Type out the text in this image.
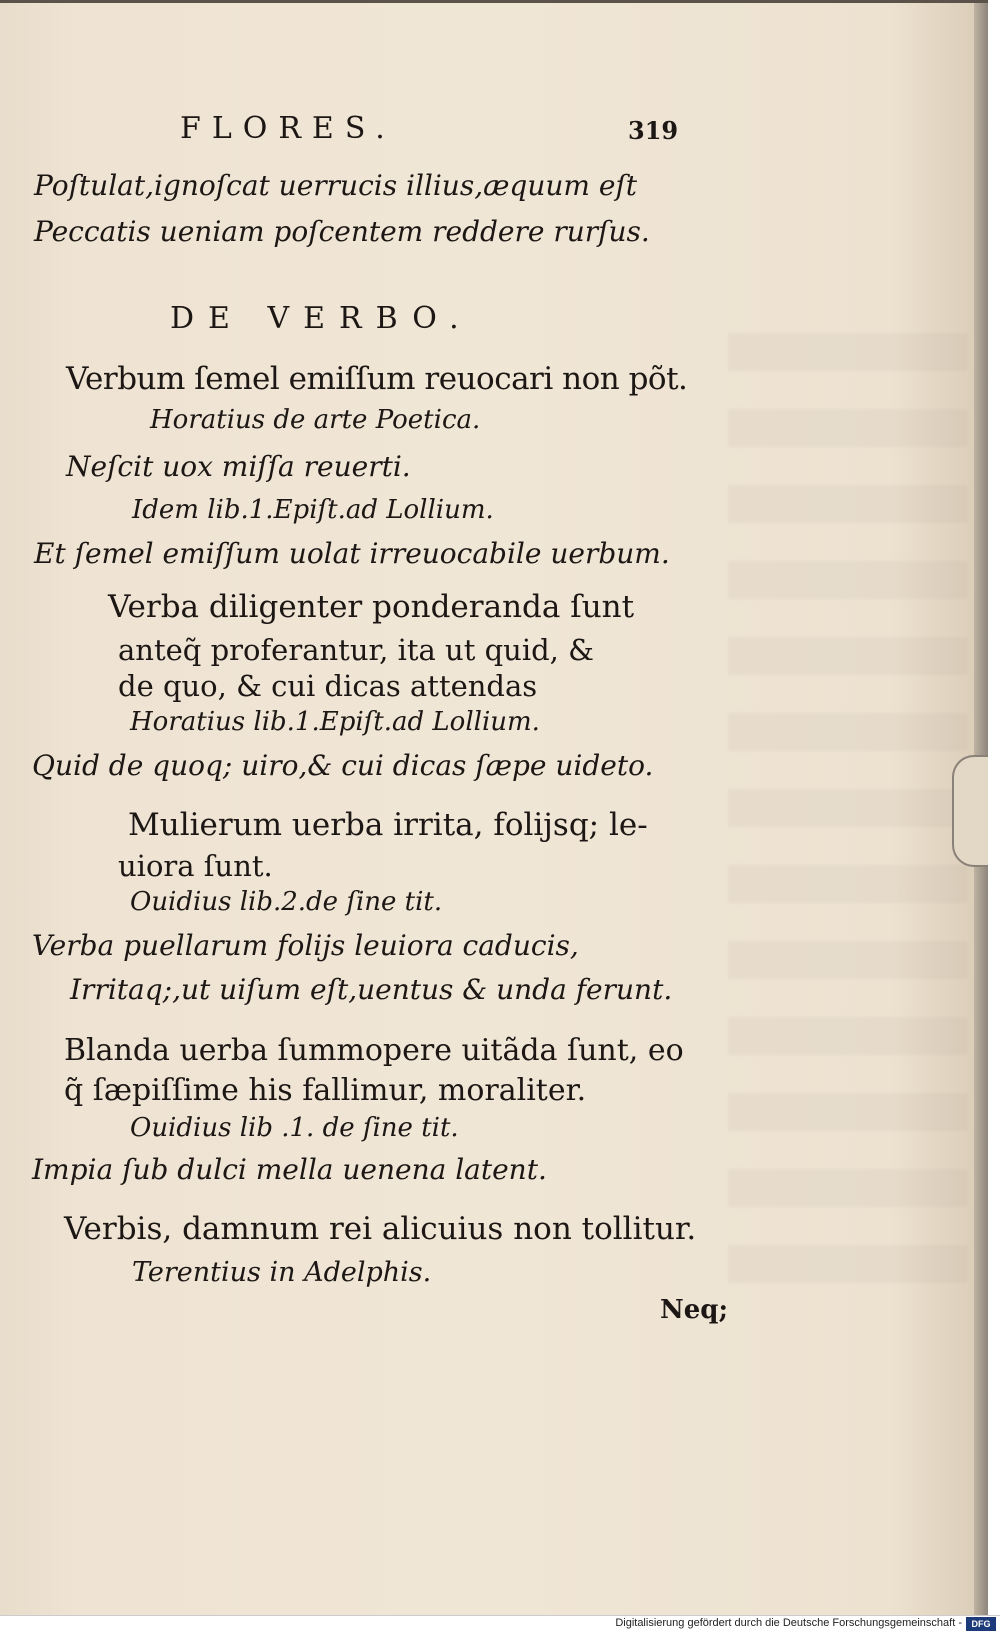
FLORES.	319
Poſtulat,ignoſcat uerrucis illius,æquum eſt
Peccatis ueniam poſcentem reddere rurſus.
DE VERBO.
Verbum ſemel emiſſum reuocari non põt.
Horatius de arte Poetica.
Neſcit uox miſſa reuerti.
Idem lib.1.Epiſt.ad Lollium.
Et ſemel emiſſum uolat irreuocabile uerbum.
Verba diligenter ponderanda ſunt
anteq̃ proferantur, ita ut quid, &
de quo, & cui dicas attendas
Horatius lib.1.Epiſt.ad Lollium.
Quid de quoq; uiro,& cui dicas ſæpe uideto.
Mulierum uerba irrita, folijsq; le-
uiora ſunt.
Ouidius lib.2.de ſine tit.
Verba puellarum folijs leuiora caducis,
Irritaq;,ut uiſum eſt,uentus & unda ferunt.
Blanda uerba ſummopere uitãda ſunt, eo
q̃ ſæpiſſime his fallimur, moraliter.
Ouidius lib .1. de ſine tit.
Impia ſub dulci mella uenena latent.
Verbis, damnum rei alicuius non tollitur.
Terentius in Adelphis.
Neq;
Digitalisierung gefördert durch die Deutsche Forschungsgemeinschaft -	DFG
